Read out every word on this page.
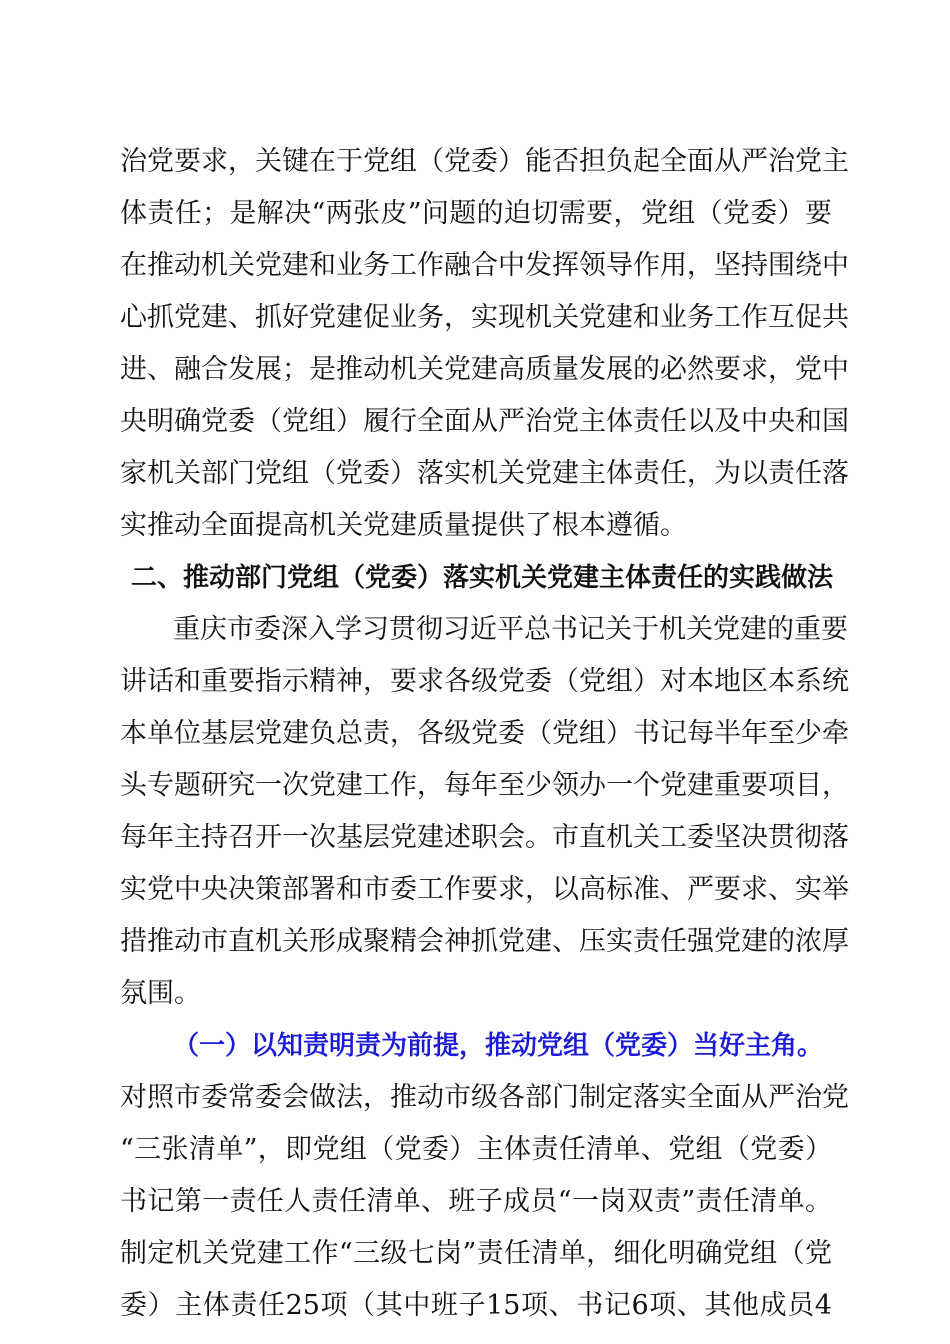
治党要求，关键在于党组（党委）能否担负起全面从严治党主
体责任；是解决“两张皮”问题的迫切需要，党组（党委）要
在推动机关党建和业务工作融合中发挥领导作用，坚持围绕中
心抓党建、抓好党建促业务，实现机关党建和业务工作互促共
进、融合发展；是推动机关党建高质量发展的必然要求，党中
央明确党委（党组）履行全面从严治党主体责任以及中央和国
家机关部门党组（党委）落实机关党建主体责任，为以责任落
实推动全面提高机关党建质量提供了根本遵循。
二、推动部门党组（党委）落实机关党建主体责任的实践做法
重庆市委深入学习贯彻习近平总书记关于机关党建的重要
讲话和重要指示精神，要求各级党委（党组）对本地区本系统
本单位基层党建负总责，各级党委（党组）书记每半年至少牵
头专题研究一次党建工作，每年至少领办一个党建重要项目，
每年主持召开一次基层党建述职会。市直机关工委坚决贯彻落
实党中央决策部署和市委工作要求，以高标准、严要求、实举
措推动市直机关形成聚精会神抓党建、压实责任强党建的浓厚
氛围。
（一）以知责明责为前提，推动党组（党委）当好主角。
对照市委常委会做法，推动市级各部门制定落实全面从严治党
“三张清单”，即党组（党委）主体责任清单、党组（党委）
书记第一责任人责任清单、班子成员“一岗双责”责任清单。
制定机关党建工作“三级七岗”责任清单，细化明确党组（党
委）主体责任25项（其中班子15项、书记6项、其他成员4
